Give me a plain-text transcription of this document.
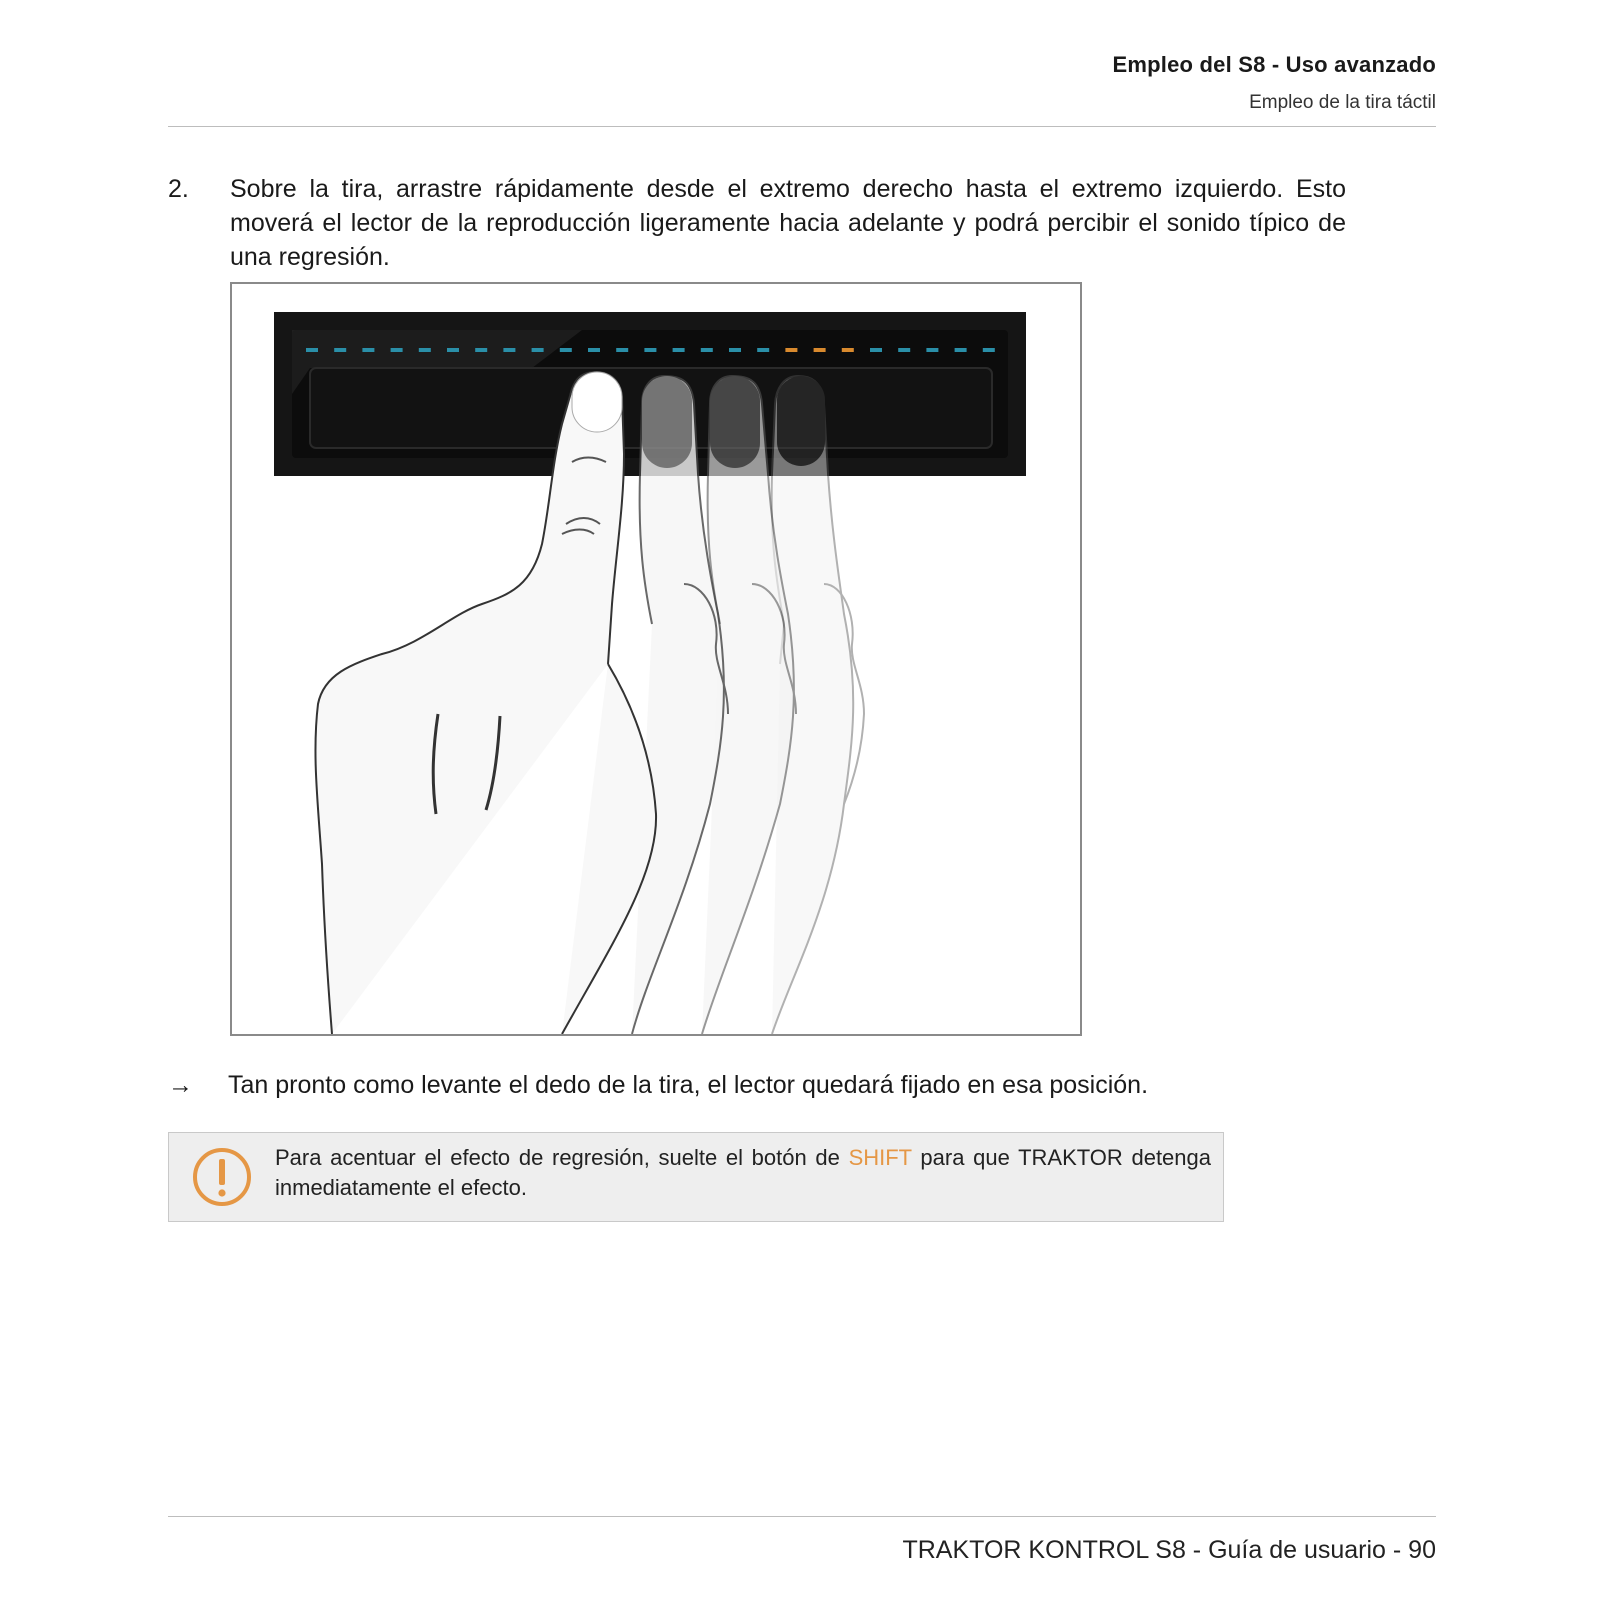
Empleo del S8 - Uso avanzado
Empleo de la tira táctil
2. Sobre la tira, arrastre rápidamente desde el extremo derecho hasta el extremo izquierdo. Esto moverá el lector de la reproducción ligeramente hacia adelante y podrá percibir el sonido típico de una regresión.
→ Tan pronto como levante el dedo de la tira, el lector quedará fijado en esa posición.
Para acentuar el efecto de regresión, suelte el botón de SHIFT para que TRAKTOR detenga inmediatamente el efecto.
TRAKTOR KONTROL S8 - Guía de usuario - 90
